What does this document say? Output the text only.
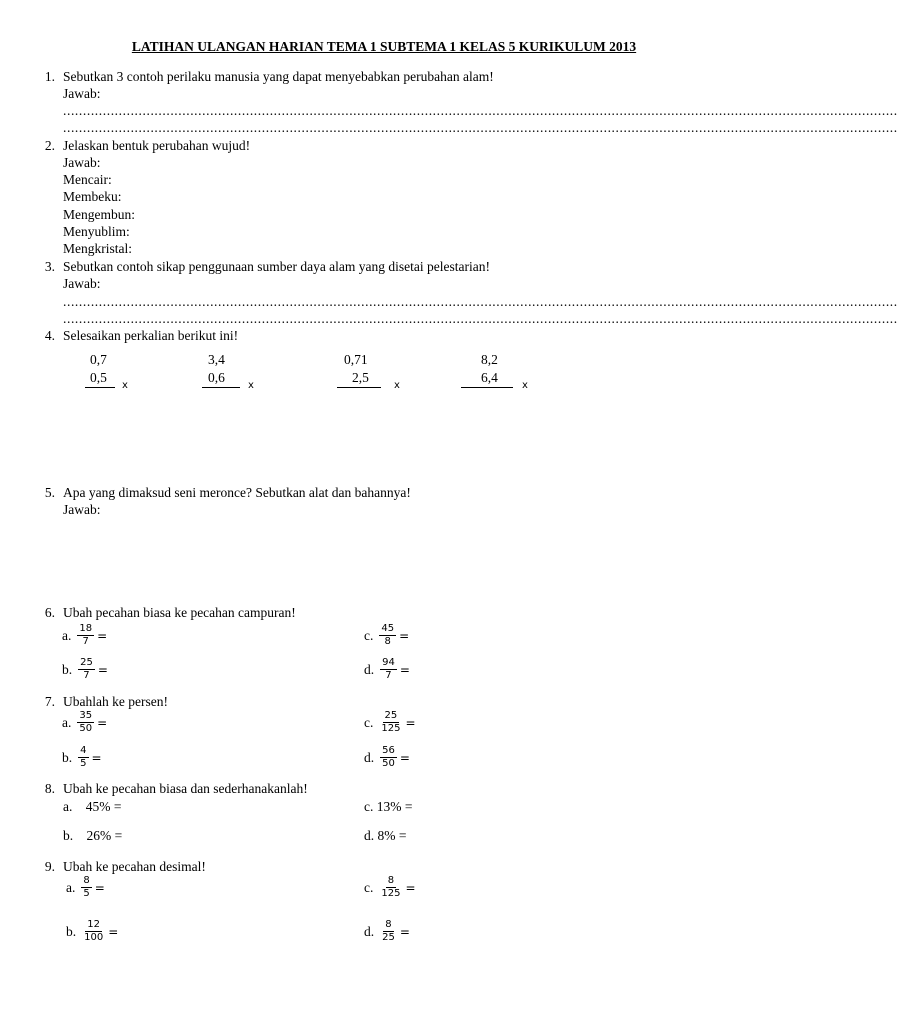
LATIHAN ULANGAN HARIAN TEMA 1 SUBTEMA 1 KELAS 5 KURIKULUM 2013
1. Sebutkan 3 contoh perilaku manusia yang dapat menyebabkan perubahan alam!
Jawab:
..................................................................................................................................................................................................................
..................................................................................................................................................................................................................
2. Jelaskan bentuk perubahan wujud!
Jawab:
Mencair:
Membeku:
Mengembun:
Menyublim:
Mengkristal:
3. Sebutkan contoh sikap penggunaan sumber daya alam yang disetai pelestarian!
Jawab:
..................................................................................................................................................................................................................
..................................................................................................................................................................................................................
4. Selesaikan perkalian berikut ini!
0,7
0,5
x
3,4
0,6
x
0,71
2,5
x
8,2
6,4
x
5. Apa yang dimaksud seni meronce? Sebutkan alat dan bahannya!
Jawab:
6. Ubah pecahan biasa ke pecahan campuran!
a. $\frac{18}{7}$ =	c. $\frac{45}{8}$ =
b. $\frac{25}{7}$ =	d. $\frac{94}{7}$ =
7. Ubahlah ke persen!
a. $\frac{35}{50}$ =	c. $\frac{25}{125}$ =
b. $\frac{4}{5}$ =	d. $\frac{56}{50}$ =
8. Ubah ke pecahan biasa dan sederhanakanlah!
a. 45% =	c. 13% =
b. 26% =	d. 8% =
9. Ubah ke pecahan desimal!
a. $\frac{8}{5}$ =	c. $\frac{8}{125}$ =
b. $\frac{12}{100}$ =	d. $\frac{8}{25}$ =
